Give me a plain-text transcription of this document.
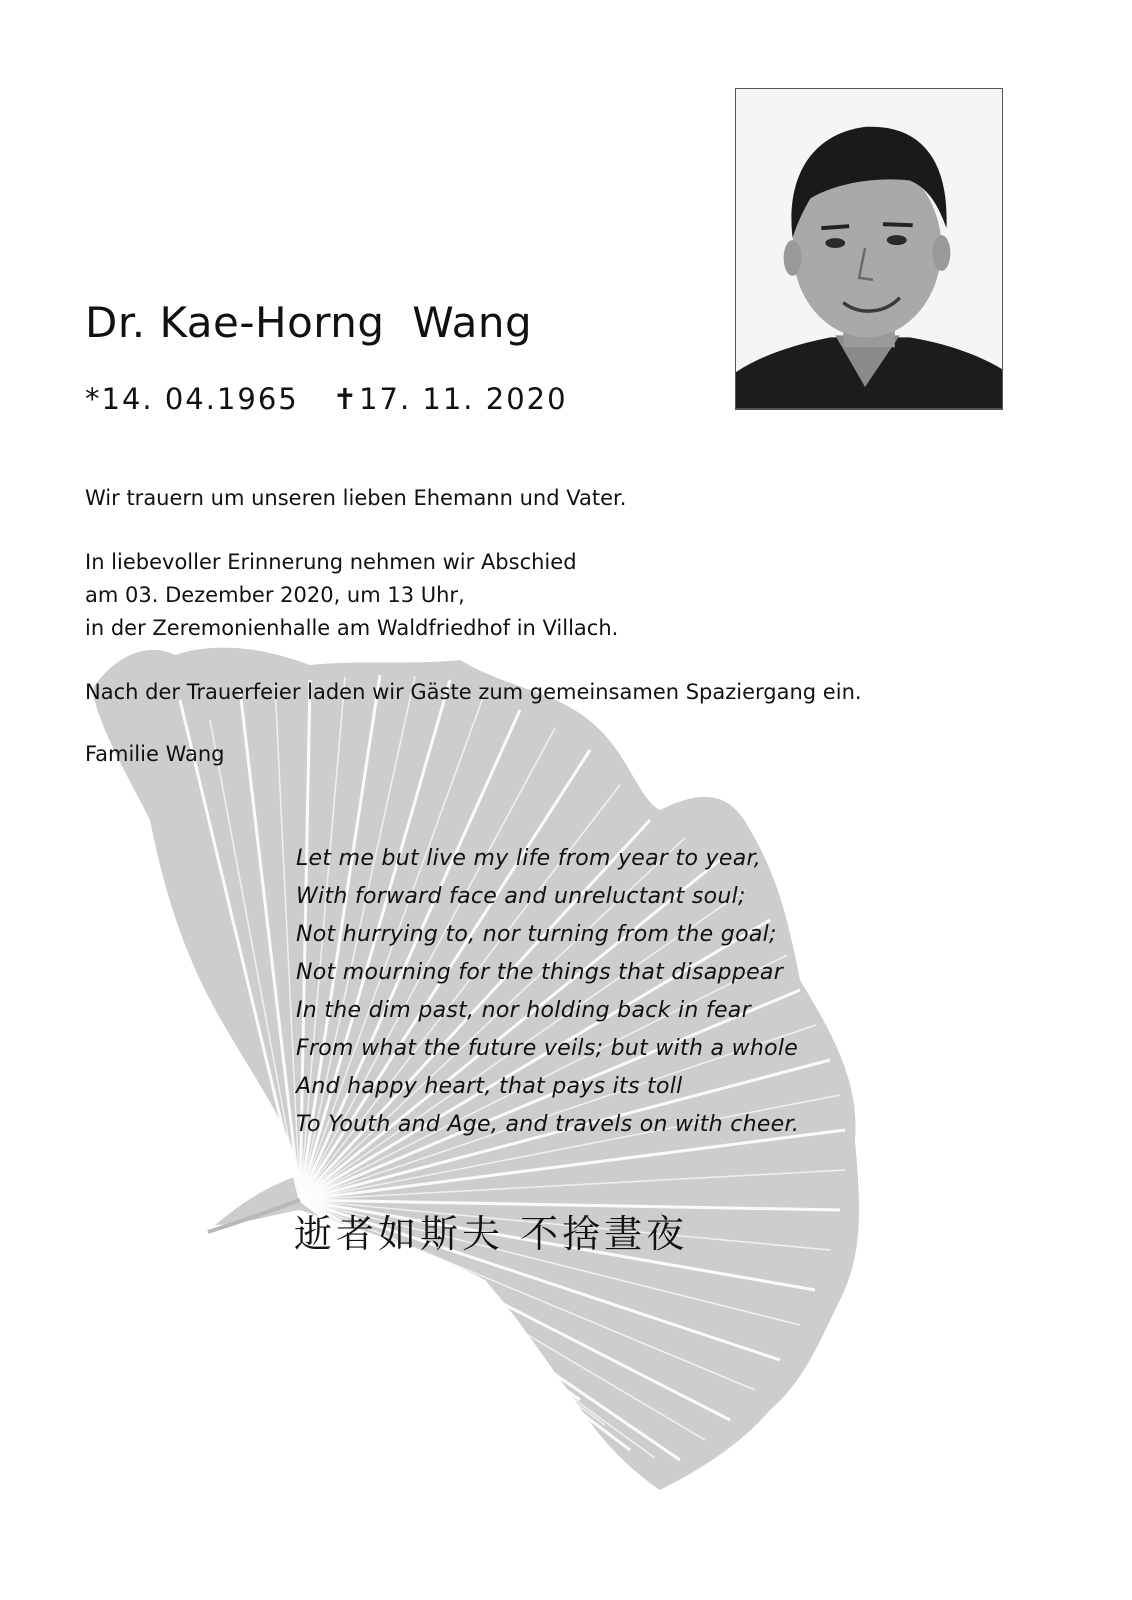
Dr. Kae-Horng  Wang
*14. 04.1965 ✝17. 11. 2020
Wir trauern um unseren lieben Ehemann und Vater.
In liebevoller Erinnerung nehmen wir Abschied
am 03. Dezember 2020, um 13 Uhr,
in der Zeremonienhalle am Waldfriedhof in Villach.
Nach der Trauerfeier laden wir Gäste zum gemeinsamen Spaziergang ein.
Familie Wang
Let me but live my life from year to year,
With forward face and unreluctant soul;
Not hurrying to, nor turning from the goal;
Not mourning for the things that disappear
In the dim past, nor holding back in fear
From what the future veils; but with a whole
And happy heart, that pays its toll
To Youth and Age, and travels on with cheer.
逝者如斯夫 不捨晝夜
